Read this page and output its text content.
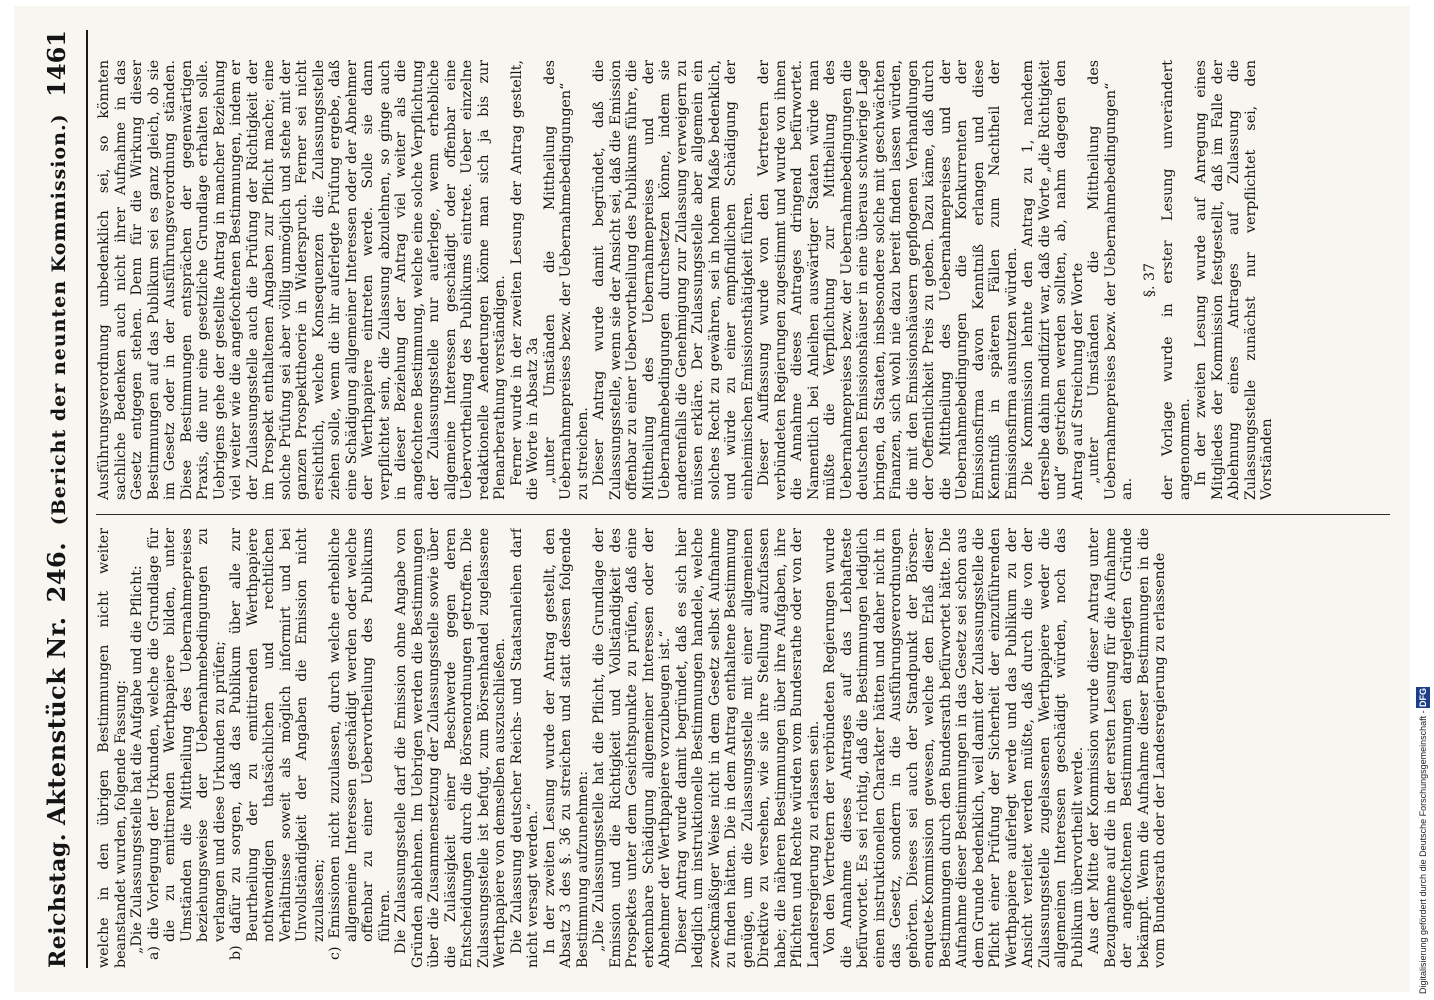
Reichstag. Aktenstück Nr. 246.
(Bericht der neunten Kommission.)
1461

welche in den übrigen Bestimmungen nicht weiter beanstandet wurden, folgende Fassung: „Die Zulassungsstelle hat die Aufgabe und die Pflicht: a) die Vorlegung der Urkunden, welche die Grundlage für die zu emittirenden Werthpapiere bilden, unter Umständen die Mittheilung des Uebernahmepreises beziehungsweise der Uebernahmebedingungen zu verlangen und diese Urkunden zu prüfen; b) dafür zu sorgen, daß das Publikum über alle zur Beurtheilung der zu emittirenden Werthpapiere nothwendigen thatsächlichen und rechtlichen Verhältnisse soweit als möglich informirt und bei Unvollständigkeit der Angaben die Emission nicht zuzulassen; c) Emissionen nicht zuzulassen, durch welche erhebliche allgemeine Interessen geschädigt werden oder welche offenbar zu einer Uebervortheilung des Publikums führen. Die Zulassungsstelle darf die Emission ohne Angabe von Gründen ablehnen. Im Uebrigen werden die Bestimmungen über die Zusammensetzung der Zulassungsstelle sowie über die Zulässigkeit einer Beschwerde gegen deren Entscheidungen durch die Börsenordnungen getroffen. Die Zulassungsstelle ist befugt, zum Börsenhandel zugelassene Werthpapiere von demselben auszuschließen. Die Zulassung deutscher Reichs- und Staatsanleihen darf nicht versagt werden.“ In der zweiten Lesung wurde der Antrag gestellt, den Absatz 3 des §. 36 zu streichen und statt dessen folgende Bestimmung aufzunehmen: „Die Zulassungsstelle hat die Pflicht, die Grundlage der Emission und die Richtigkeit und Vollständigkeit des Prospektes unter dem Gesichtspunkte zu prüfen, daß eine erkennbare Schädigung allgemeiner Interessen oder der Abnehmer der Werthpapiere vorzubeugen ist.“ Dieser Antrag wurde damit begründet, daß es sich hier lediglich um instruktionelle Bestimmungen handele, welche zweckmäßiger Weise nicht in dem Gesetz selbst Aufnahme zu finden hätten. Die in dem Antrag enthaltene Bestimmung genüge, um die Zulassungsstelle mit einer allgemeinen Direktive zu versehen, wie sie ihre Stellung aufzufassen habe; die näheren Bestimmungen über ihre Aufgaben, ihre Pflichten und Rechte würden vom Bundesrathe oder von der Landesregierung zu erlassen sein. Von den Vertretern der verbündeten Regierungen wurde die Annahme dieses Antrages auf das Lebhafteste befürwortet. Es sei richtig, daß die Bestimmungen lediglich einen instruktionellen Charakter hätten und daher nicht in das Gesetz, sondern in die Ausführungsverordnungen gehörten. Dieses sei auch der Standpunkt der Börsen-enquete-Kommission gewesen, welche den Erlaß dieser Bestimmungen durch den Bundesrath befürwortet hätte. Die Aufnahme dieser Bestimmungen in das Gesetz sei schon aus dem Grunde bedenklich, weil damit der Zulassungsstelle die Pflicht einer Prüfung der Sicherheit der einzuführenden Werthpapiere auferlegt werde und das Publikum zu der Ansicht verleitet werden müßte, daß durch die von der Zulassungsstelle zugelassenen Werthpapiere weder die allgemeinen Interessen geschädigt würden, noch das Publikum übervortheilt werde. Aus der Mitte der Kommission wurde dieser Antrag unter Bezugnahme auf die in der ersten Lesung für die Aufnahme der angefochtenen Bestimmungen dargelegten Gründe bekämpft. Wenn die Aufnahme dieser Bestimmungen in die vom Bundesrath oder der Landesregierung zu erlassende

Ausführungsverordnung unbedenklich sei, so könnten sachliche Bedenken auch nicht ihrer Aufnahme in das Gesetz entgegen stehen. Denn für die Wirkung dieser Bestimmungen auf das Publikum sei es ganz gleich, ob sie im Gesetz oder in der Ausführungsverordnung ständen. Diese Bestimmungen entsprächen der gegenwärtigen Praxis, die nur eine gesetzliche Grundlage erhalten solle. Uebrigens gehe der gestellte Antrag in mancher Beziehung viel weiter wie die angefochtenen Bestimmungen, indem er der Zulassungsstelle auch die Prüfung der Richtigkeit der im Prospekt enthaltenen Angaben zur Pflicht mache; eine solche Prüfung sei aber völlig unmöglich und stehe mit der ganzen Prospekttheorie in Widerspruch. Ferner sei nicht ersichtlich, welche Konsequenzen die Zulassungsstelle ziehen solle, wenn die ihr auferlegte Prüfung ergebe, daß eine Schädigung allgemeiner Interessen oder der Abnehmer der Werthpapiere eintreten werde. Solle sie dann verpflichtet sein, die Zulassung abzulehnen, so ginge auch in dieser Beziehung der Antrag viel weiter als die angefochtene Bestimmung, welche eine solche Verpflichtung der Zulassungsstelle nur auferlege, wenn erhebliche allgemeine Interessen geschädigt oder offenbar eine Uebervortheilung des Publikums eintrete. Ueber einzelne redaktionelle Aenderungen könne man sich ja bis zur Plenarberathung verständigen. Ferner wurde in der zweiten Lesung der Antrag gestellt, die Worte in Absatz 3a „unter Umständen die Mittheilung des Uebernahmepreises bezw. der Uebernahmebedingungen“ zu streichen. Dieser Antrag wurde damit begründet, daß die Zulassungsstelle, wenn sie der Ansicht sei, daß die Emission offenbar zu einer Uebervortheilung des Publikums führe, die Mittheilung des Uebernahmepreises und der Uebernahmebedingungen durchsetzen könne, indem sie anderenfalls die Genehmigung zur Zulassung verweigern zu müssen erkläre. Der Zulassungsstelle aber allgemein ein solches Recht zu gewähren, sei in hohem Maße bedenklich, und würde zu einer empfindlichen Schädigung der einheimischen Emissionsthätigkeit führen. Dieser Auffassung wurde von den Vertretern der verbündeten Regierungen zugestimmt und wurde von ihnen die Annahme dieses Antrages dringend befürwortet. Namentlich bei Anleihen auswärtiger Staaten würde man müßte die Verpflichtung zur Mittheilung des Uebernahmepreises bezw. der Uebernahmebedingungen die deutschen Emissionshäuser in eine überaus schwierige Lage bringen, da Staaten, insbesondere solche mit geschwächten Finanzen, sich wohl nie dazu bereit finden lassen würden, die mit den Emissionshäusern gepflogenen Verhandlungen der Oeffentlichkeit Preis zu geben. Dazu käme, daß durch die Mittheilung des Uebernahmepreises und der Uebernahmebedingungen die Konkurrenten der Emissionsfirma davon Kenntniß erlangen und diese Kenntniß in späteren Fällen zum Nachtheil der Emissionsfirma ausnutzen würden. Die Kommission lehnte den Antrag zu 1, nachdem derselbe dahin modifizirt war, daß die Worte „die Richtigkeit und“ gestrichen werden sollten, ab, nahm dagegen den Antrag auf Streichung der Worte „unter Umständen die Mittheilung des Uebernahmepreises bezw. der Uebernahmebedingungen“ an.

§. 37 der Vorlage wurde in erster Lesung unverändert angenommen. In der zweiten Lesung wurde auf Anregung eines Mitgliedes der Kommission festgestellt, daß im Falle der Ablehnung eines Antrages auf Zulassung die Zulassungsstelle zunächst nur verpflichtet sei, den Vorständen

Digitalisierung gefördert durch die Deutsche Forschungsgemeinschaft - DFG
